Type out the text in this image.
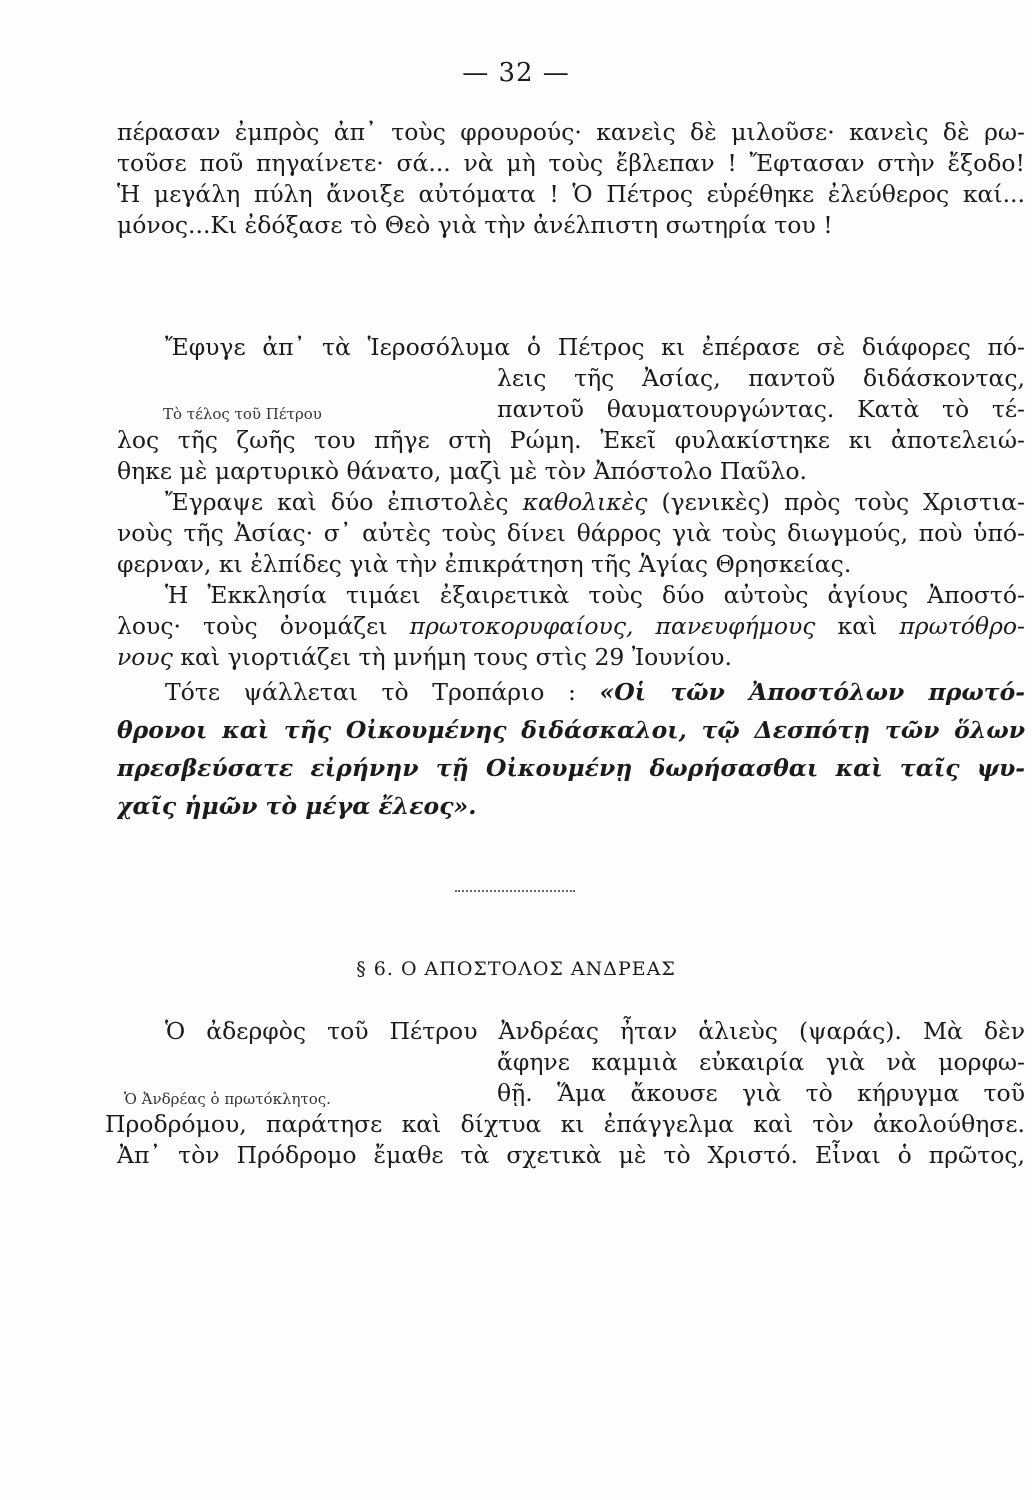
— 32 —
πέρασαν ἐμπρὸς ἀπ᾽ τοὺς φρουρούς· κανεὶς δὲ μιλοῦσε· κανεὶς δὲ ρω-
τοῦσε ποῦ πηγαίνετε· σά... νὰ μὴ τοὺς ἔβλεπαν ! Ἔφτασαν στὴν ἔξοδο!
Ἡ μεγάλη πύλη ἄνοιξε αὐτόματα ! Ὁ Πέτρος εὑρέθηκε ἐλεύθερος καί...
μόνος...Κι ἐδόξασε τὸ Θεὸ γιὰ τὴν ἀνέλπιστη σωτηρία του !
Ἔφυγε ἀπ᾽ τὰ Ἱεροσόλυμα ὁ Πέτρος κι ἐπέρασε σὲ διάφορες πό-
λεις τῆς Ἀσίας, παντοῦ διδάσκοντας,
παντοῦ θαυματουργώντας. Κατὰ τὸ τέ-
λος τῆς ζωῆς του πῆγε στὴ Ρώμη. Ἐκεῖ φυλακίστηκε κι ἀποτελειώ-
θηκε μὲ μαρτυρικὸ θάνατο, μαζὶ μὲ τὸν Ἀπόστολο Παῦλο.
Τὸ τέλος τοῦ Πέτρου
Ἔγραψε καὶ δύο ἐπιστολὲς καθολικὲς (γενικὲς) πρὸς τοὺς Χριστια-
νοὺς τῆς Ἀσίας· σ᾽ αὐτὲς τοὺς δίνει θάρρος γιὰ τοὺς διωγμούς, ποὺ ὑπό-
φερναν, κι ἐλπίδες γιὰ τὴν ἐπικράτηση τῆς Ἁγίας Θρησκείας.
Ἡ Ἐκκλησία τιμάει ἐξαιρετικὰ τοὺς δύο αὐτοὺς ἁγίους Ἀποστό-
λους· τοὺς ὀνομάζει πρωτοκορυφαίους, πανευφήμους καὶ πρωτόθρο-
νους καὶ γιορτιάζει τὴ μνήμη τους στὶς 29 Ἰουνίου.
Τότε ψάλλεται τὸ Τροπάριο : «Οἱ τῶν Ἀποστόλων πρωτό-
θρονοι καὶ τῆς Οἰκουμένης διδάσκαλοι, τῷ Δεσπότῃ τῶν ὅλων
πρεσβεύσατε εἰρήνην τῇ Οἰκουμένῃ δωρήσασθαι καὶ ταῖς ψυ-
χαῖς ἡμῶν τὸ μέγα ἔλεος».
§ 6. Ο ΑΠΟΣΤΟΛΟΣ ΑΝΔΡΕΑΣ
Ὁ ἀδερφὸς τοῦ Πέτρου Ἀνδρέας ἦταν ἁλιεὺς (ψαράς). Μὰ δὲν
ἄφηνε καμμιὰ εὐκαιρία γιὰ νὰ μορφω-
θῇ. Ἅμα ἄκουσε γιὰ τὸ κήρυγμα τοῦ
Προδρόμου, παράτησε καὶ δίχτυα κι ἐπάγγελμα καὶ τὸν ἀκολούθησε.
Ἀπ᾽ τὸν Πρόδρομο ἔμαθε τὰ σχετικὰ μὲ τὸ Χριστό. Εἶναι ὁ πρῶτος,
Ὁ Ἀνδρέας ὁ πρωτόκλητος.
